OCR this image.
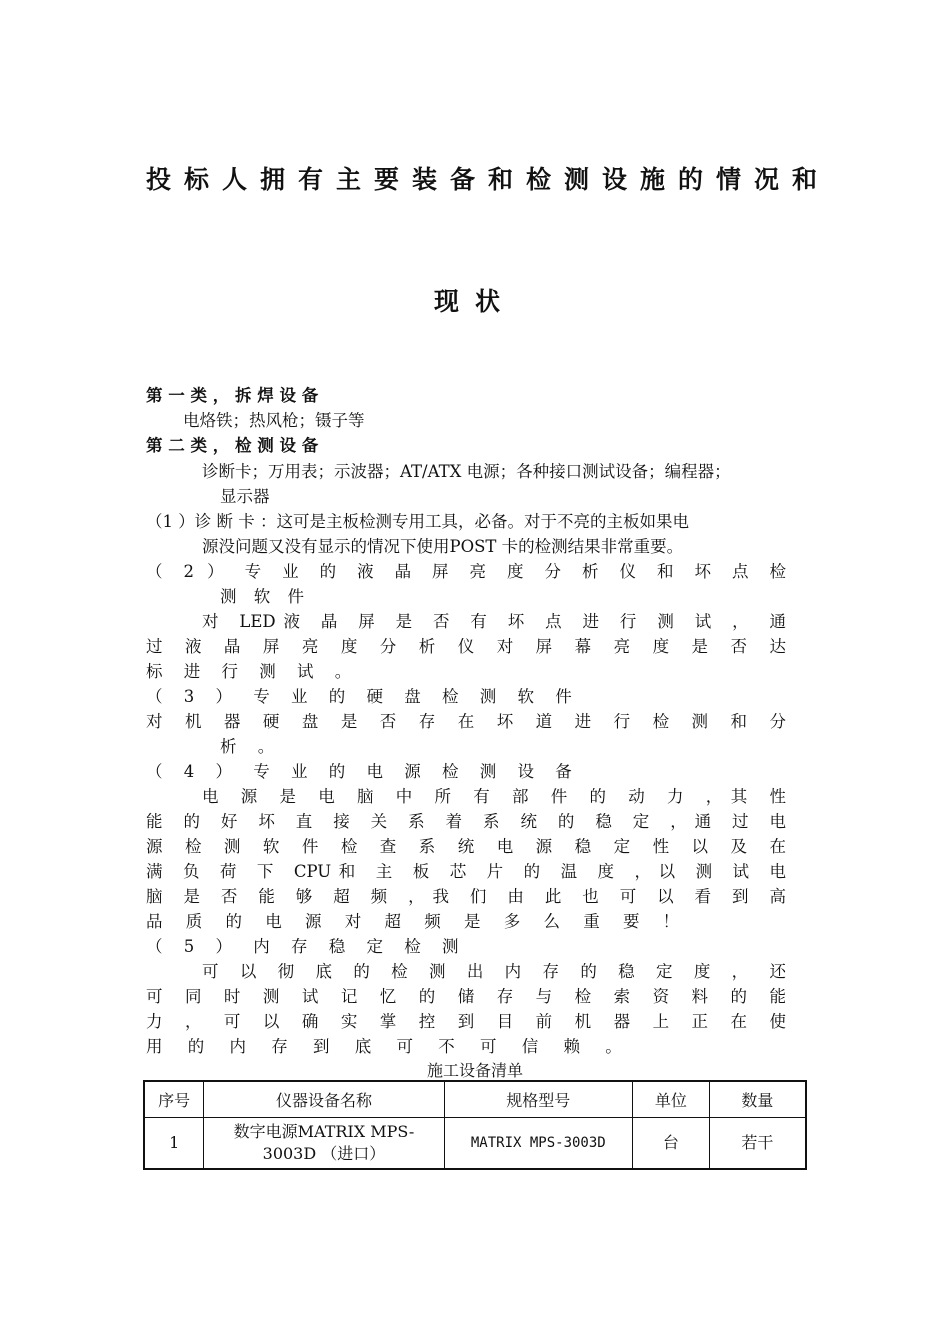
投标人拥有主要装备和检测设施的情况和
现状
第 一 类 ， 拆 焊 设 备
电烙铁；热风枪；镊子等
第 二 类 ， 检 测 设 备
诊断卡；万用表；示波器；AT/ATX 电源；各种接口测试设备；编程器；
显示器
（1 ）诊 断 卡 ：这可是主板检测专用工具，必备。对于不亮的主板如果电
源没问题又没有显示的情况下使用POST 卡的检测结果非常重要。
（ 2 ） 专 业 的 液 晶 屏 亮 度 分 析 仪 和 坏 点 检
测 软 件
对 LED液 晶 屏 是 否 有 坏 点 进 行 测 试 ， 通
过 液 晶 屏 亮 度 分 析 仪 对 屏 幕 亮 度 是 否 达
标 进 行 测 试 。
（ 3 ） 专 业 的 硬 盘 检 测 软 件
对 机 器 硬 盘 是 否 存 在 坏 道 进 行 检 测 和 分
析 。
（ 4 ） 专 业 的 电 源 检 测 设 备
电 源 是 电 脑 中 所 有 部 件 的 动 力 ，其 性
能 的 好 坏 直 接 关 系 着 系 统 的 稳 定 ，通 过 电
源 检 测 软 件 检 查 系 统 电 源 稳 定 性 以 及 在
满 负 荷 下 CPU和 主 板 芯 片 的 温 度 ，以 测 试 电
脑 是 否 能 够 超 频 ，我 们 由 此 也 可 以 看 到 高
品 质 的 电 源 对 超 频 是 多 么 重 要 ！
（ 5 ） 内 存 稳 定 检 测
可 以 彻 底 的 检 测 出 内 存 的 稳 定 度 ， 还
可 同 时 测 试 记 忆 的 储 存 与 检 索 资 料 的 能
力 ， 可 以 确 实 掌 控 到 目 前 机 器 上 正 在 使
用 的 内 存 到 底 可 不 可 信 赖 。
施工设备清单
序号	仪器设备名称	规格型号	单位	数量
1	数字电源MATRIX MPS-
3003D （进口）	MATRIX MPS-3003D	台	若干
